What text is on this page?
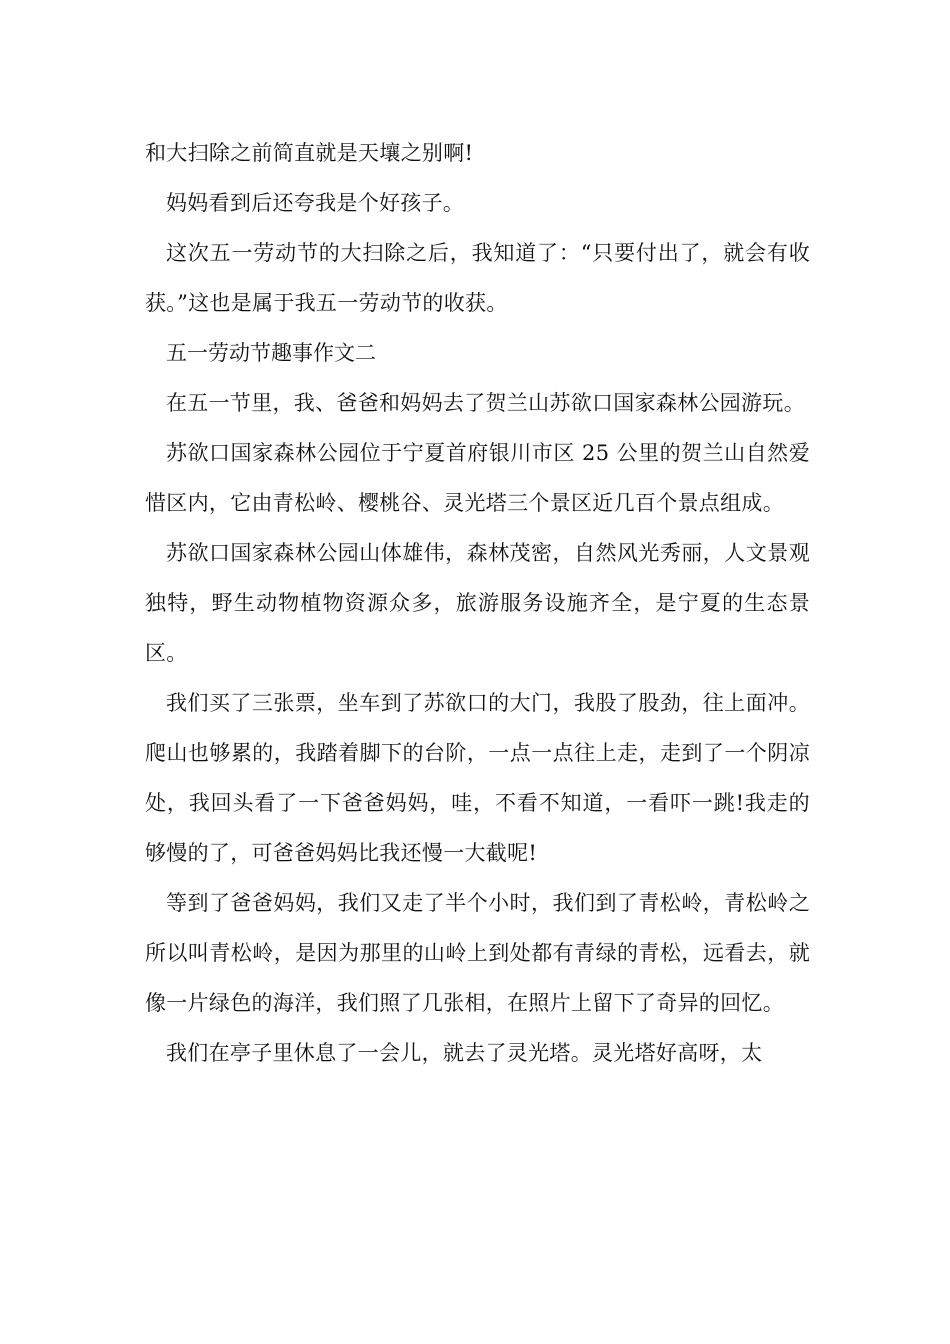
和大扫除之前简直就是天壤之别啊!

妈妈看到后还夸我是个好孩子。

这次五一劳动节的大扫除之后，我知道了：“只要付出了，就会有收获。”这也是属于我五一劳动节的收获。

五一劳动节趣事作文二

在五一节里，我、爸爸和妈妈去了贺兰山苏欲口国家森林公园游玩。

苏欲口国家森林公园位于宁夏首府银川市区 25 公里的贺兰山自然爱惜区内，它由青松岭、樱桃谷、灵光塔三个景区近几百个景点组成。

苏欲口国家森林公园山体雄伟，森林茂密，自然风光秀丽，人文景观独特，野生动物植物资源众多，旅游服务设施齐全，是宁夏的生态景区。

我们买了三张票，坐车到了苏欲口的大门，我股了股劲，往上面冲。爬山也够累的，我踏着脚下的台阶，一点一点往上走，走到了一个阴凉处，我回头看了一下爸爸妈妈，哇，不看不知道，一看吓一跳!我走的够慢的了，可爸爸妈妈比我还慢一大截呢!

等到了爸爸妈妈，我们又走了半个小时，我们到了青松岭，青松岭之所以叫青松岭，是因为那里的山岭上到处都有青绿的青松，远看去，就像一片绿色的海洋，我们照了几张相，在照片上留下了奇异的回忆。

我们在亭子里休息了一会儿，就去了灵光塔。灵光塔好高呀，太
